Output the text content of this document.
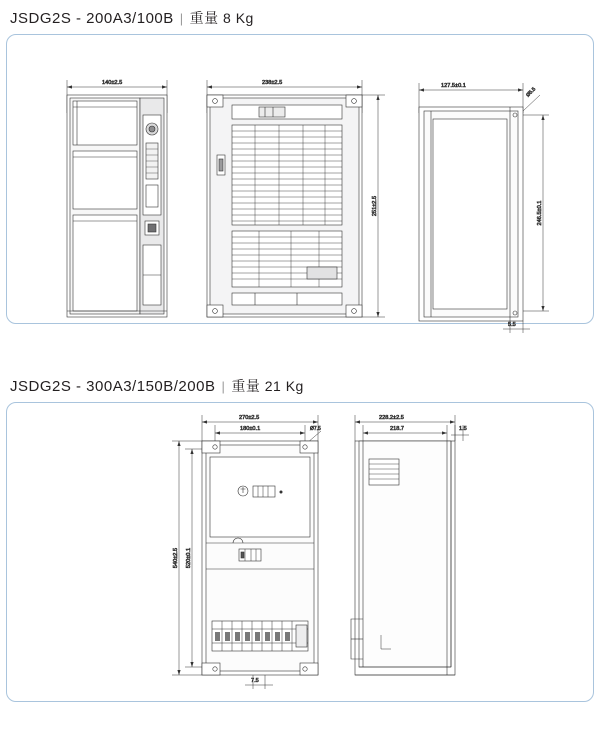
JSDG2S - 200A3/100B | 重量 8 Kg
140±2.5	238±2.5
251±2.5
127.5±0.1
Ø5.5
246.5±0.1
5.5
JSDG2S - 300A3/150B/200B | 重量 21 Kg
270±2.5
180±0.1	Ø7.5
540±2.5 520±0.1
7.5
228.2±2.5
218.7	1.5
